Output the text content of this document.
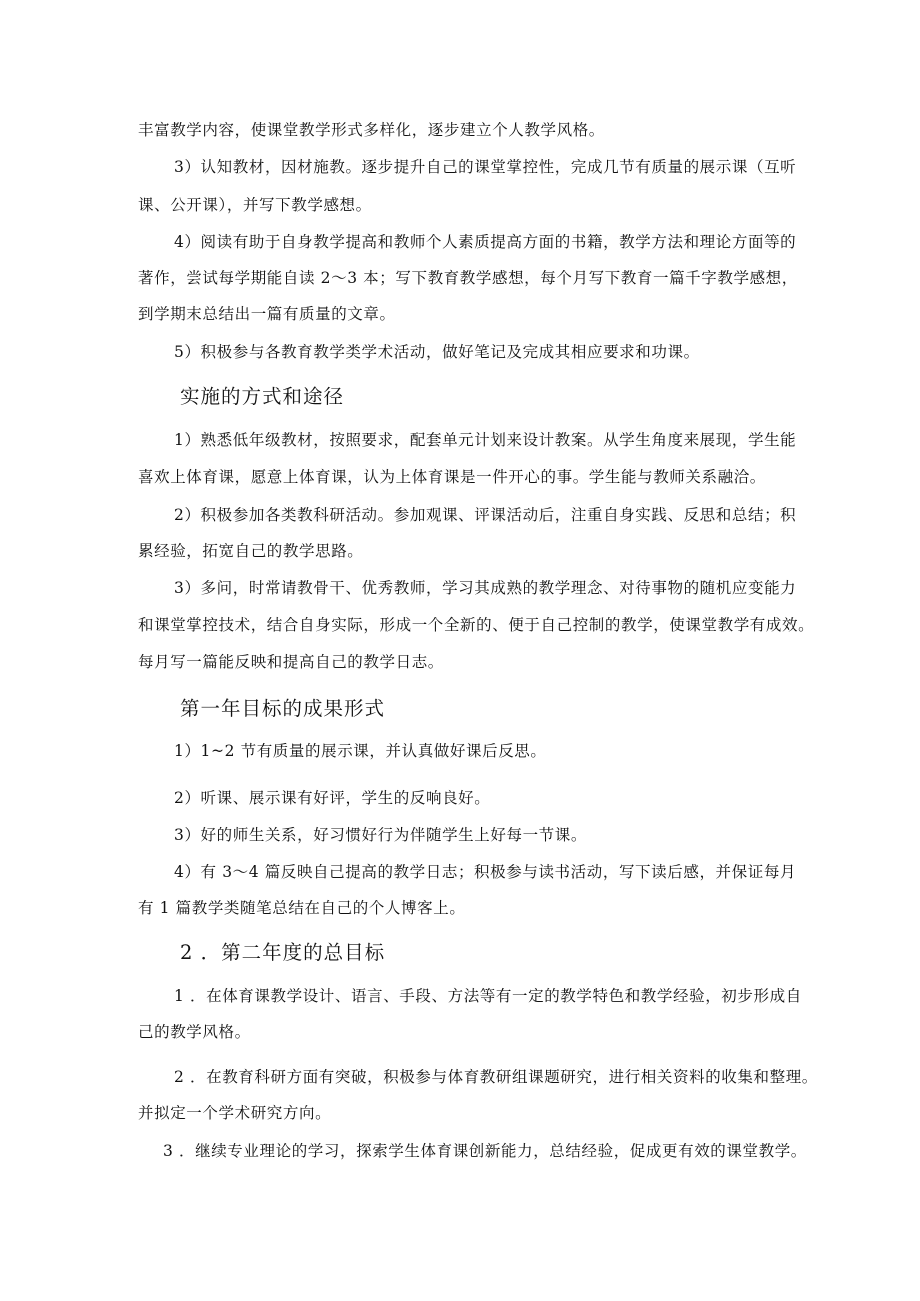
丰富教学内容，使课堂教学形式多样化，逐步建立个人教学风格。
3）认知教材，因材施教。逐步提升自己的课堂掌控性，完成几节有质量的展示课（互听
课、公开课），并写下教学感想。
4）阅读有助于自身教学提高和教师个人素质提高方面的书籍，教学方法和理论方面等的
著作，尝试每学期能自读 2～3 本；写下教育教学感想，每个月写下教育一篇千字教学感想，
到学期末总结出一篇有质量的文章。
5）积极参与各教育教学类学术活动，做好笔记及完成其相应要求和功课。
实施的方式和途径
1）熟悉低年级教材，按照要求，配套单元计划来设计教案。从学生角度来展现，学生能
喜欢上体育课，愿意上体育课，认为上体育课是一件开心的事。学生能与教师关系融洽。
2）积极参加各类教科研活动。参加观课、评课活动后，注重自身实践、反思和总结；积
累经验，拓宽自己的教学思路。
3）多问，时常请教骨干、优秀教师，学习其成熟的教学理念、对待事物的随机应变能力
和课堂掌控技术，结合自身实际，形成一个全新的、便于自己控制的教学，使课堂教学有成效。
每月写一篇能反映和提高自己的教学日志。
第一年目标的成果形式
1）1~2 节有质量的展示课，并认真做好课后反思。
2）听课、展示课有好评，学生的反响良好。
3）好的师生关系，好习惯好行为伴随学生上好每一节课。
4）有 3～4 篇反映自己提高的教学日志；积极参与读书活动，写下读后感，并保证每月
有 1 篇教学类随笔总结在自己的个人博客上。
2 ．第二年度的总目标
1 ．在体育课教学设计、语言、手段、方法等有一定的教学特色和教学经验，初步形成自
己的教学风格。
2 ．在教育科研方面有突破，积极参与体育教研组课题研究，进行相关资料的收集和整理。
并拟定一个学术研究方向。
3 ．继续专业理论的学习，探索学生体育课创新能力，总结经验，促成更有效的课堂教学。
